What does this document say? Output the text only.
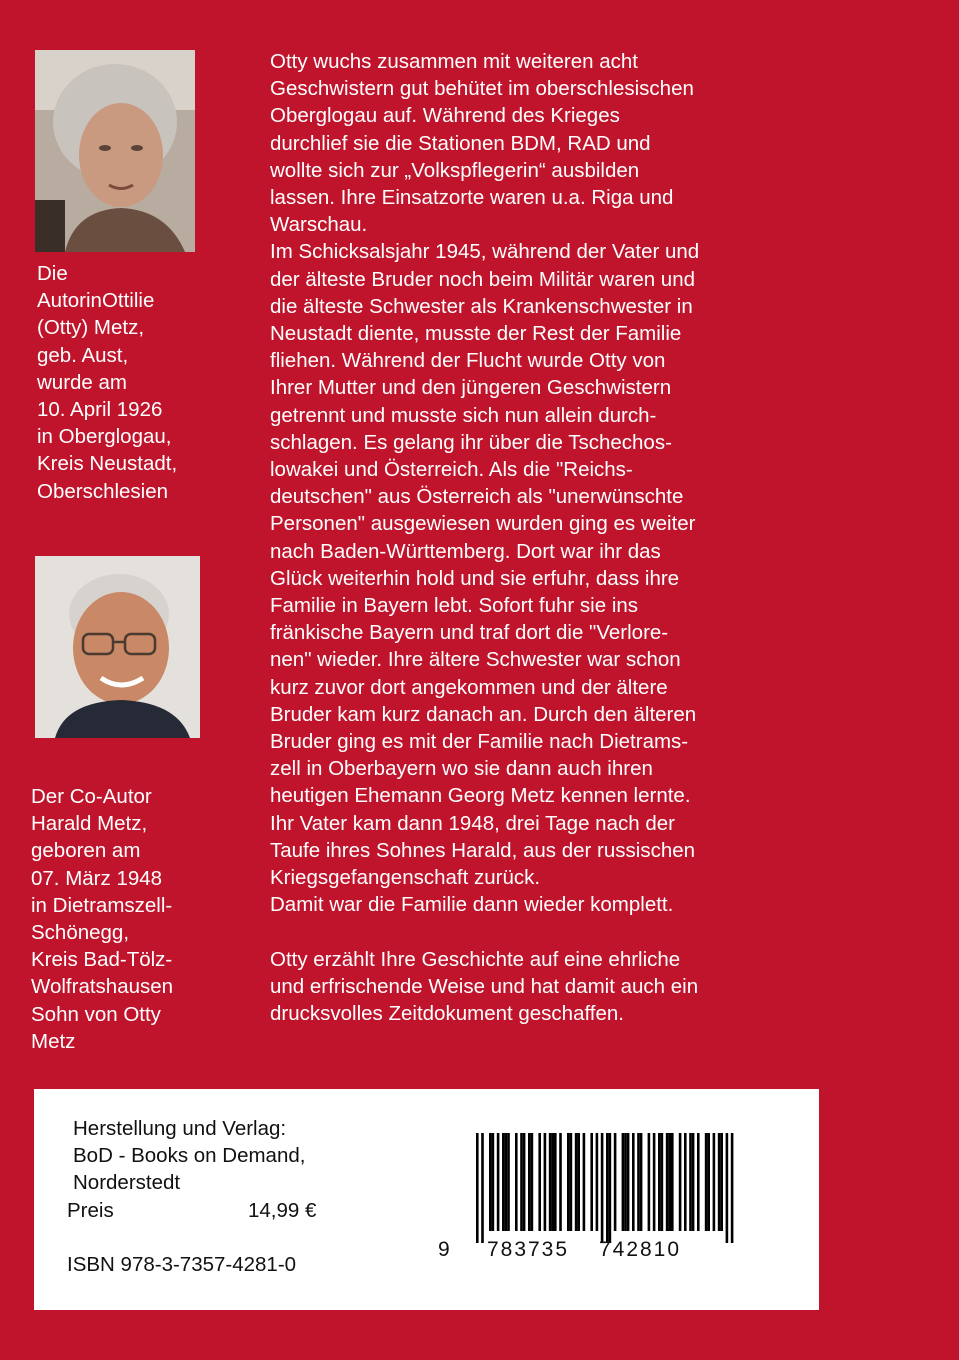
Die
AutorinOttilie
(Otty) Metz,
geb. Aust,
wurde am
10. April 1926
in Oberglogau,
Kreis Neustadt,
Oberschlesien
Der Co-Autor
Harald Metz,
geboren am
07. März 1948
in Dietramszell-
Schönegg,
Kreis Bad-Tölz-
Wolfratshausen
Sohn von Otty
Metz
Otty wuchs zusammen mit weiteren acht
Geschwistern gut behütet im oberschlesischen
Oberglogau auf. Während des Krieges
durchlief sie die Stationen BDM, RAD und
wollte sich zur „Volkspflegerin“ ausbilden
lassen. Ihre Einsatzorte waren u.a. Riga und
Warschau.
Im Schicksalsjahr 1945, während der Vater und
der älteste Bruder noch beim Militär waren und
die älteste Schwester als Krankenschwester in
Neustadt diente, musste der Rest der Familie
fliehen. Während der Flucht wurde Otty von
Ihrer Mutter und den jüngeren Geschwistern
getrennt und musste sich nun allein durch-
schlagen. Es gelang ihr über die Tschechos-
lowakei und Österreich. Als die "Reichs-
deutschen" aus Österreich als "unerwünschte
Personen" ausgewiesen wurden ging es weiter
nach Baden-Württemberg. Dort war ihr das
Glück weiterhin hold und sie erfuhr, dass ihre
Familie in Bayern lebt. Sofort fuhr sie ins
fränkische Bayern und traf dort die "Verlore-
nen" wieder. Ihre ältere Schwester war schon
kurz zuvor dort angekommen und der ältere
Bruder kam kurz danach an. Durch den älteren
Bruder ging es mit der Familie nach Dietrams-
zell in Oberbayern wo sie dann auch ihren
heutigen Ehemann Georg Metz kennen lernte.
Ihr Vater kam dann 1948, drei Tage nach der
Taufe ihres Sohnes Harald, aus der russischen
Kriegsgefangenschaft zurück.
Damit war die Familie dann wieder komplett.
Otty erzählt Ihre Geschichte auf eine ehrliche
und erfrischende Weise und hat damit auch ein
drucksvolles Zeitdokument geschaffen.
Herstellung und Verlag:
BoD - Books on Demand,
Norderstedt
Preis	14,99 €
ISBN 978-3-7357-4281-0
9 783735 742810
